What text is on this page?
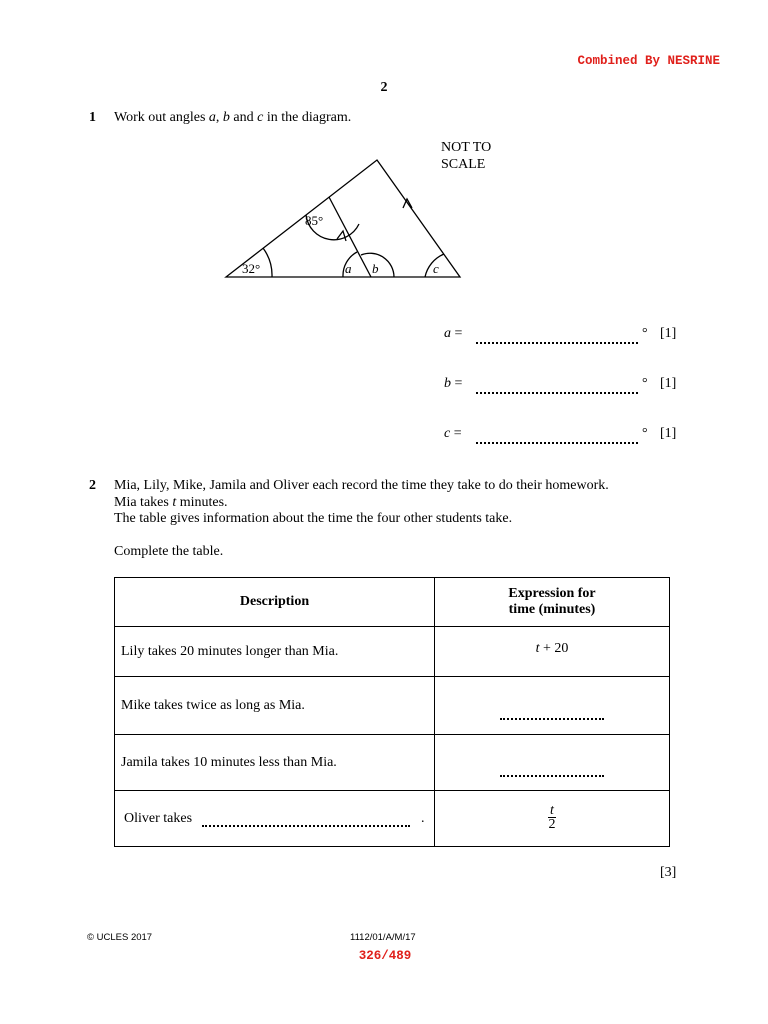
Combined By NESRINE
2
1 Work out angles a, b and c in the diagram.
NOT TO
SCALE
32°
85°
a b	c
a =	° [1]
b =	° [1]
c =	° [1]
2 Mia, Lily, Mike, Jamila and Oliver each record the time they take to do their homework.
Mia takes t minutes.
The table gives information about the time the four other students take.
Complete the table.
Description	Expression for
time (minutes)

Lily takes 20 minutes longer than Mia.	t + 20
Mike takes twice as long as Mia.	
Jamila takes 10 minutes less than Mia.	
Oliver takes .	$\frac{t}{2}$
[3]
© UCLES 2017	1112/01/A/M/17
326/489
